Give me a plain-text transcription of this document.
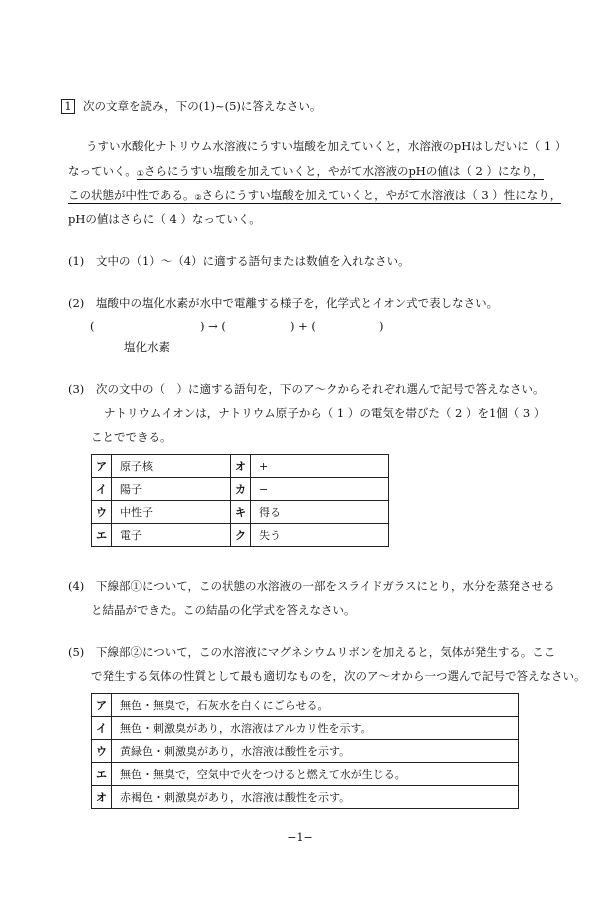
1 次の文章を読み，下の(1)~(5)に答えなさい。
うすい水酸化ナトリウム水溶液にうすい塩酸を加えていくと，水溶液のpHはしだいに（ 1 ）
なっていく。①さらにうすい塩酸を加えていくと，やがて水溶液のpHの値は（ 2 ）になり，
この状態が中性である。②さらにうすい塩酸を加えていくと，やがて水溶液は（ 3 ）性になり，
pHの値はさらに（ 4 ）なっていく。
(1) 文中の（1）～（4）に適する語句または数値を入れなさい。
(2) 塩酸中の塩化水素が水中で電離する様子を，化学式とイオン式で表しなさい。
(	) → (	) + (	)
塩化水素
(3) 次の文中の（　）に適する語句を，下のア～クからそれぞれ選んで記号で答えなさい。
ナトリウムイオンは，ナトリウム原子から（ 1 ）の電気を帯びた（ 2 ）を1個（ 3 ）
ことでできる。
ア	原子核	オ	+
イ	陽子	カ	−
ウ	中性子	キ	得る
エ	電子	ク	失う
(4) 下線部①について，この状態の水溶液の一部をスライドガラスにとり，水分を蒸発させる
と結晶ができた。この結晶の化学式を答えなさい。
(5) 下線部②について，この水溶液にマグネシウムリボンを加えると，気体が発生する。ここ
で発生する気体の性質として最も適切なものを，次のア～オから一つ選んで記号で答えなさい。
ア	無色・無臭で，石灰水を白くにごらせる。
イ	無色・刺激臭があり，水溶液はアルカリ性を示す。
ウ	黄緑色・刺激臭があり，水溶液は酸性を示す。
エ	無色・無臭で，空気中で火をつけると燃えて水が生じる。
オ	赤褐色・刺激臭があり，水溶液は酸性を示す。
−1−
